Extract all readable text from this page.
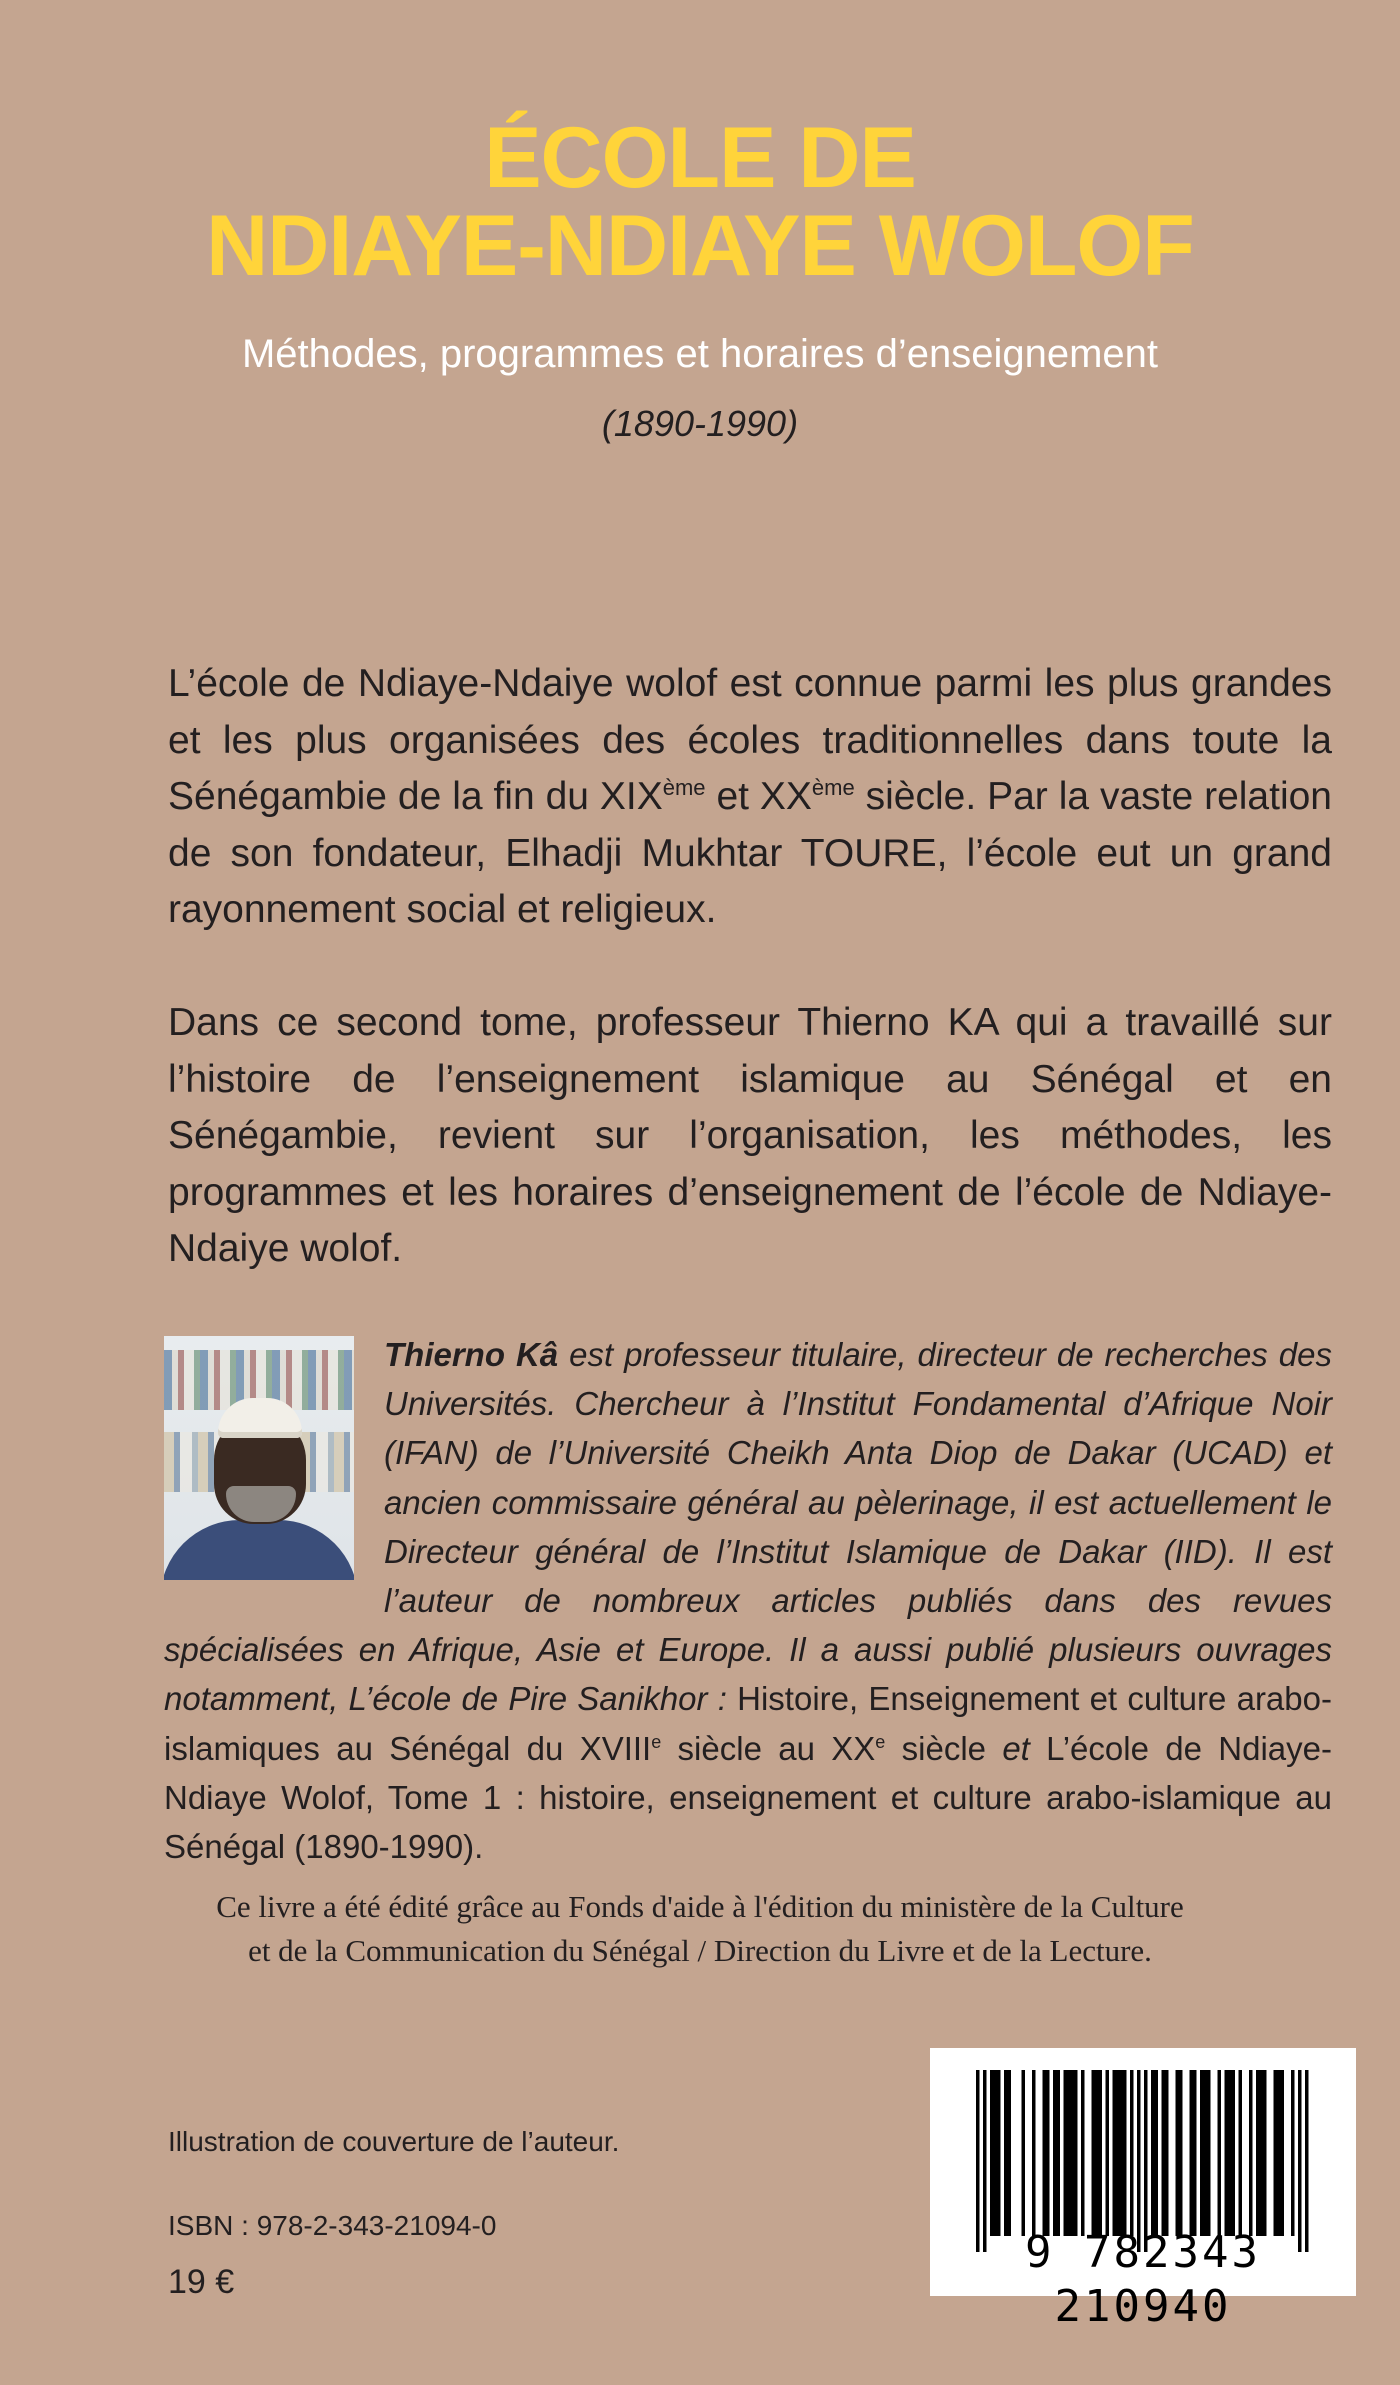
ÉCOLE DE
NDIAYE-NDIAYE WOLOF
Méthodes, programmes et horaires d’enseignement
(1890-1990)

L’école de Ndiaye-Ndaiye wolof est connue parmi les plus grandes et les plus organisées des écoles traditionnelles dans toute la Sénégambie de la fin du XIXème et XXème siècle. Par la vaste relation de son fondateur, Elhadji Mukhtar TOURE, l’école eut un grand rayonnement social et religieux.

Dans ce second tome, professeur Thierno KA qui a travaillé sur l’histoire de l’enseignement islamique au Sénégal et en Sénégambie, revient sur l’organisation, les méthodes, les programmes et les horaires d’enseignement de l’école de Ndiaye-Ndaiye wolof.

Thierno Kâ est professeur titulaire, directeur de recherches des Universités. Chercheur à l’Institut Fondamental d’Afrique Noir (IFAN) de l’Université Cheikh Anta Diop de Dakar (UCAD) et ancien commissaire général au pèlerinage, il est actuellement le Directeur général de l’Institut Islamique de Dakar (IID). Il est l’auteur de nombreux articles publiés dans des revues spécialisées en Afrique, Asie et Europe. Il a aussi publié plusieurs ouvrages notamment, L’école de Pire Sanikhor : Histoire, Enseignement et culture arabo-islamiques au Sénégal du XVIIIe siècle au XXe siècle et L’école de Ndiaye-Ndiaye Wolof, Tome 1 : histoire, enseignement et culture arabo-islamique au Sénégal (1890-1990).

Ce livre a été édité grâce au Fonds d'aide à l'édition du ministère de la Culture
et de la Communication du Sénégal / Direction du Livre et de la Lecture.

Illustration de couverture de l’auteur.
ISBN : 978-2-343-21094-0
19 €
9 782343 210940
